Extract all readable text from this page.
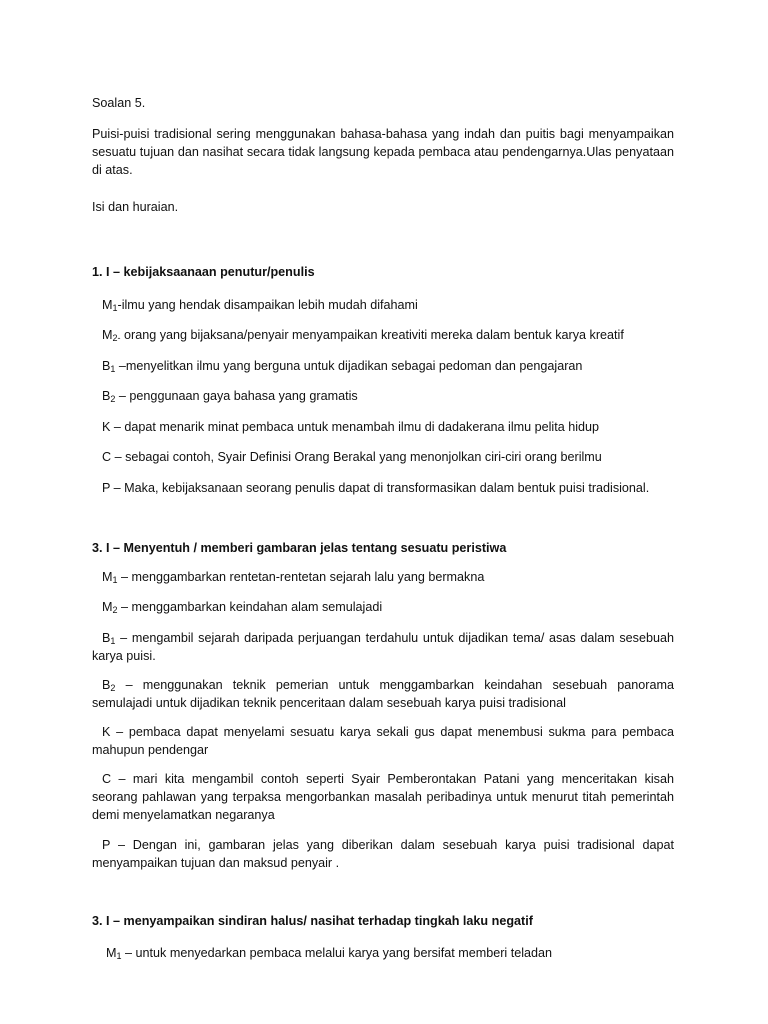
Soalan 5.

Puisi-puisi tradisional sering menggunakan bahasa-bahasa yang indah dan puitis bagi menyampaikan sesuatu tujuan dan nasihat secara tidak langsung kepada pembaca atau pendengarnya.Ulas penyataan di atas.

Isi dan huraian.

1. I – kebijaksaanaan penutur/penulis

$M_1$-ilmu yang hendak disampaikan lebih mudah difahami

$M_{2-}$ orang yang bijaksana/penyair menyampaikan kreativiti mereka dalam bentuk karya kreatif

$B_1$ –menyelitkan ilmu yang berguna untuk dijadikan sebagai pedoman dan pengajaran

$B_2$ – penggunaan gaya bahasa yang gramatis

K – dapat menarik minat pembaca untuk menambah ilmu di dadakerana ilmu pelita hidup

C – sebagai contoh, Syair Definisi Orang Berakal yang menonjolkan ciri-ciri orang berilmu

P – Maka, kebijaksanaan seorang penulis dapat di transformasikan dalam bentuk puisi tradisional.

3. I – Menyentuh / memberi gambaran jelas tentang sesuatu peristiwa

$M_1$ – menggambarkan rentetan-rentetan sejarah lalu yang bermakna

$M_2$ – menggambarkan keindahan alam semulajadi

$B_1$ – mengambil sejarah daripada perjuangan terdahulu untuk dijadikan tema/ asas dalam sesebuah karya puisi.

$B_2$ – menggunakan teknik pemerian untuk menggambarkan keindahan sesebuah panorama semulajadi untuk dijadikan teknik penceritaan dalam sesebuah karya puisi tradisional

K – pembaca dapat menyelami sesuatu karya sekali gus dapat menembusi sukma para pembaca mahupun pendengar

C – mari kita mengambil contoh seperti Syair Pemberontakan Patani yang menceritakan kisah seorang pahlawan yang terpaksa mengorbankan masalah peribadinya untuk menurut titah pemerintah demi menyelamatkan negaranya

P – Dengan ini, gambaran jelas yang diberikan dalam sesebuah karya puisi tradisional dapat menyampaikan tujuan dan maksud penyair .

3. I – menyampaikan sindiran halus/ nasihat terhadap tingkah laku negatif

$M_1$ – untuk menyedarkan pembaca melalui karya yang bersifat memberi teladan
